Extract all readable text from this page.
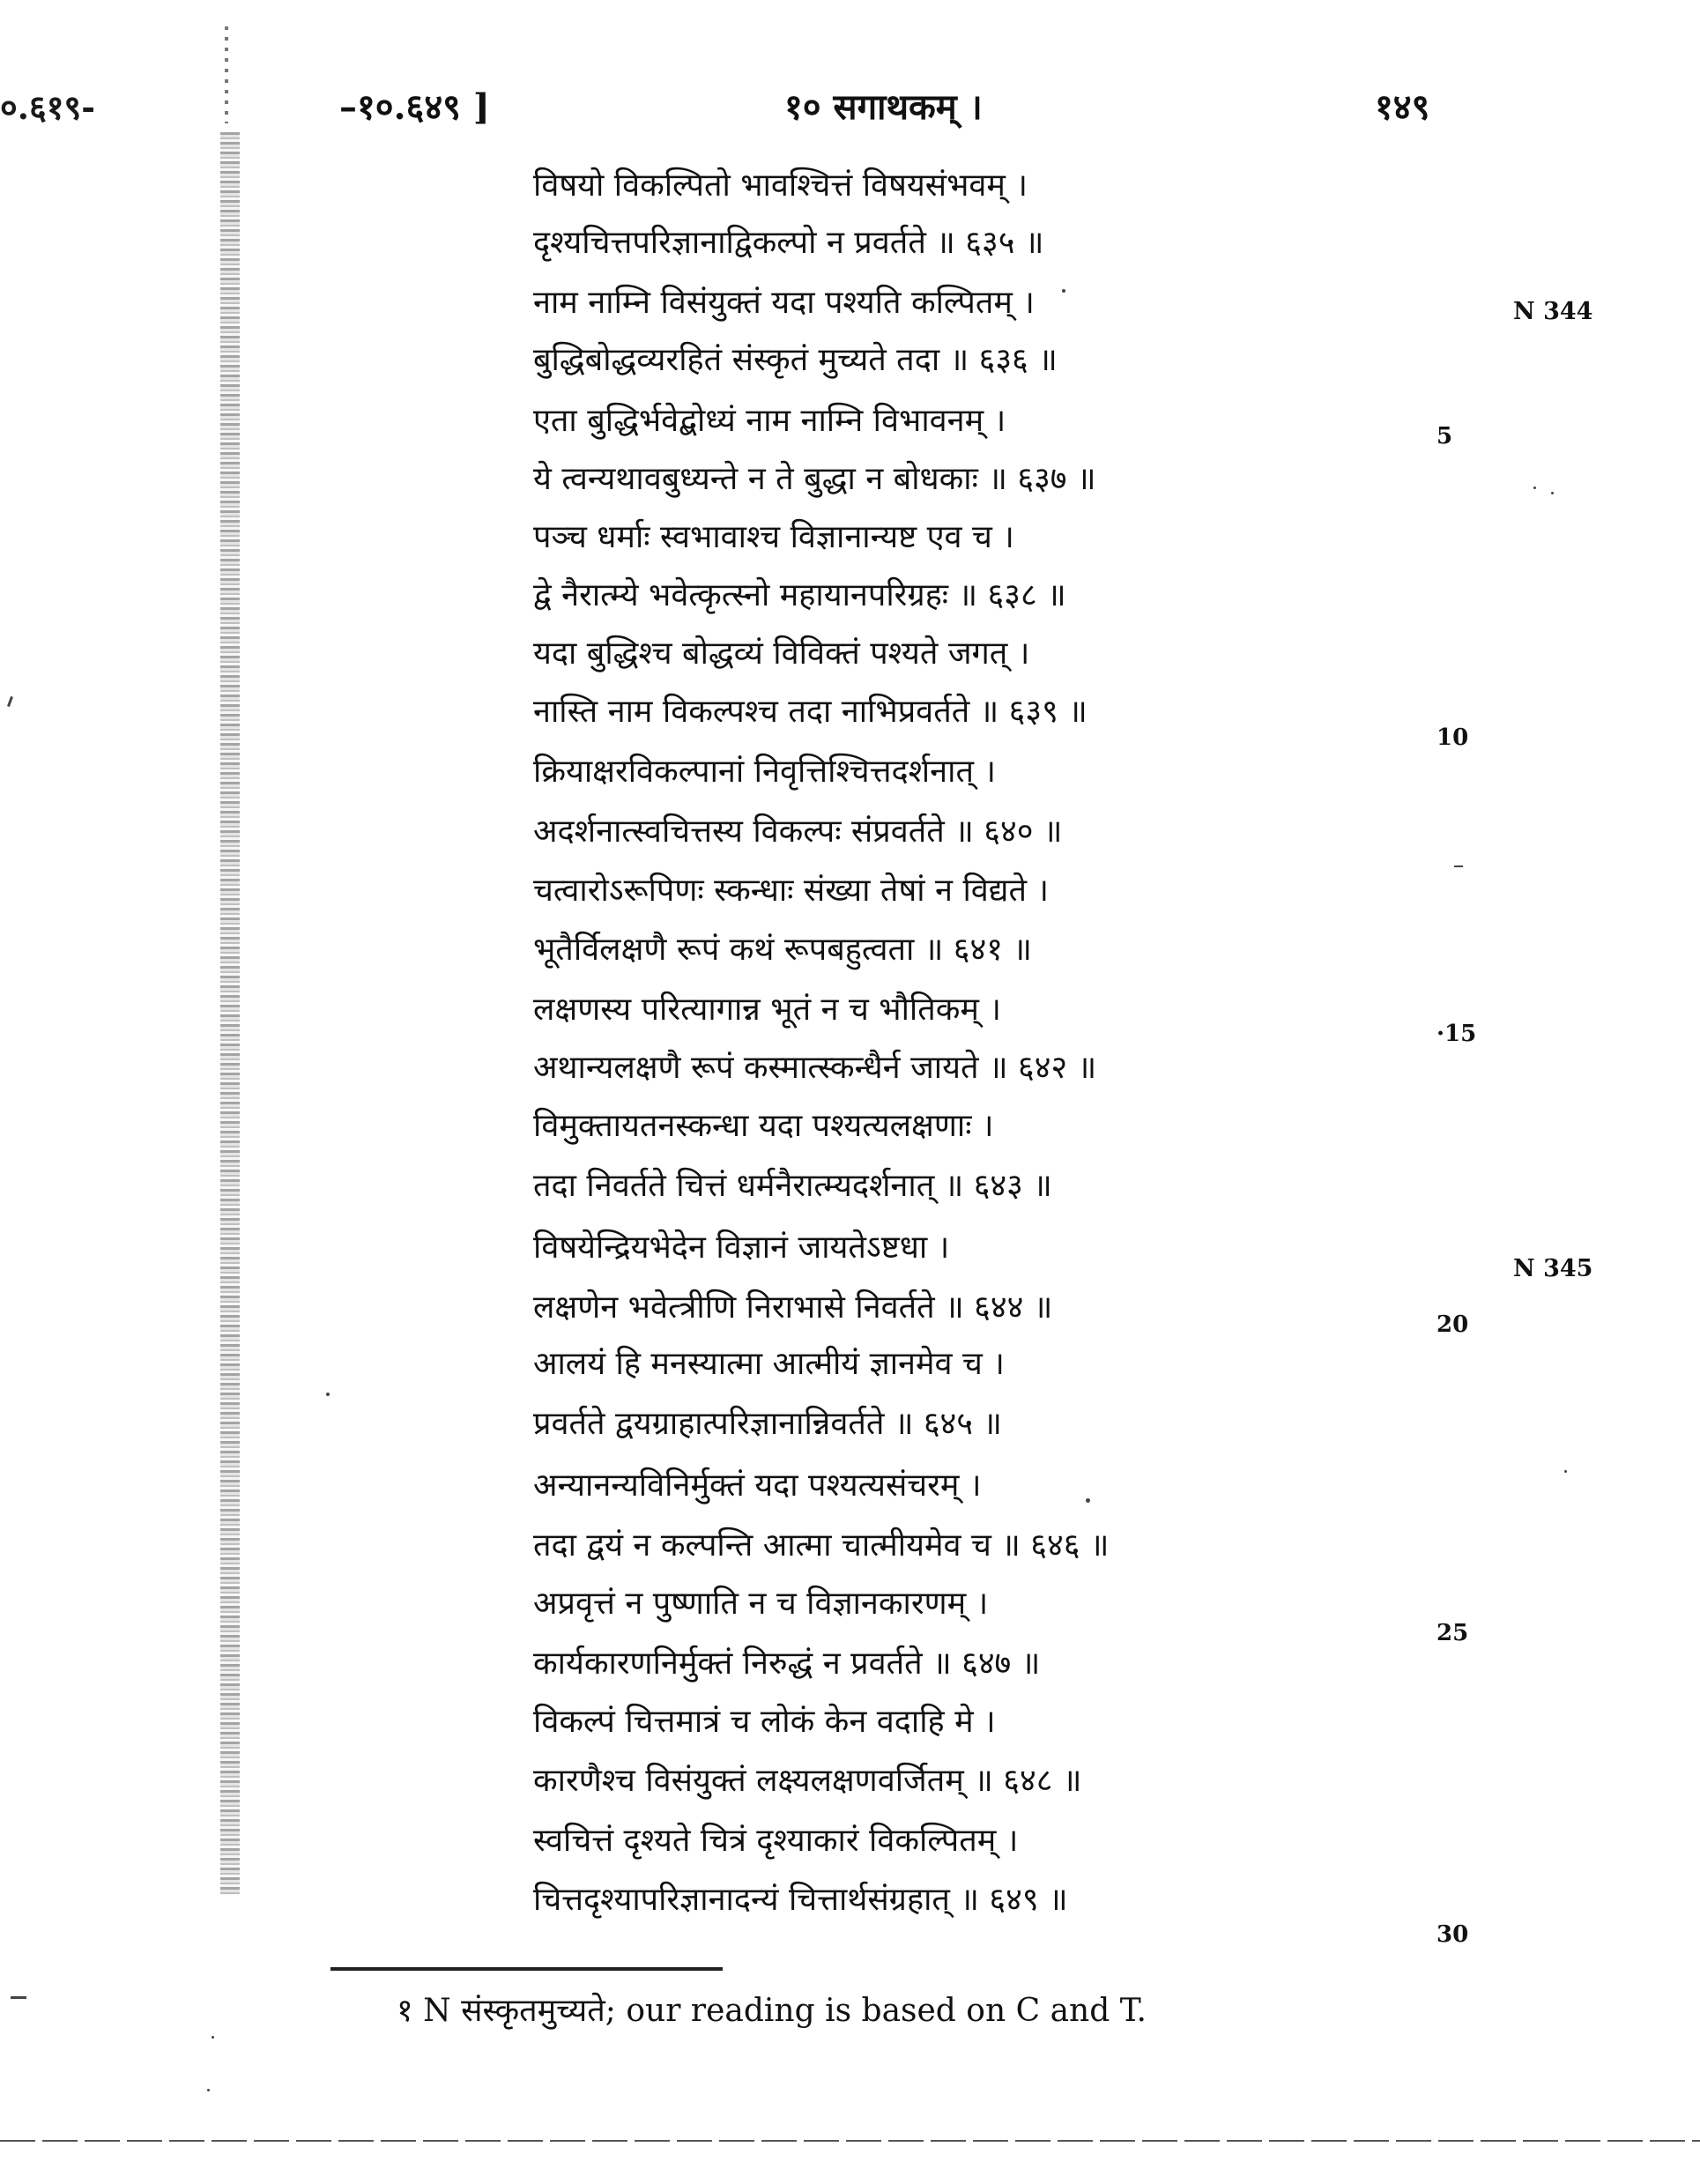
०.६१९-	–१०.६४९ ]	१० सगाथकम् ।	१४९
विषयो विकल्पितो भावश्चित्तं विषयसंभवम् ।
दृश्यचित्तपरिज्ञानाद्विकल्पो न प्रवर्तते ॥ ६३५ ॥
नाम नाम्नि विसंयुक्तं यदा पश्यति कल्पितम् ।
बुद्धिबोद्धव्यरहितं संस्कृतं मुच्यते तदा ॥ ६३६ ॥
एता बुद्धिर्भवेद्बोध्यं नाम नाम्नि विभावनम् ।
ये त्वन्यथावबुध्यन्ते न ते बुद्धा न बोधकाः ॥ ६३७ ॥
पञ्च धर्माः स्वभावाश्च विज्ञानान्यष्ट एव च ।
द्वे नैरात्म्ये भवेत्कृत्स्नो महायानपरिग्रहः ॥ ६३८ ॥
यदा बुद्धिश्च बोद्धव्यं विविक्तं पश्यते जगत् ।
नास्ति नाम विकल्पश्च तदा नाभिप्रवर्तते ॥ ६३९ ॥
क्रियाक्षरविकल्पानां निवृत्तिश्चित्तदर्शनात् ।
अदर्शनात्स्वचित्तस्य विकल्पः संप्रवर्तते ॥ ६४० ॥
चत्वारोऽरूपिणः स्कन्धाः संख्या तेषां न विद्यते ।
भूतैर्विलक्षणै रूपं कथं रूपबहुत्वता ॥ ६४१ ॥
लक्षणस्य परित्यागान्न भूतं न च भौतिकम् ।
अथान्यलक्षणै रूपं कस्मात्स्कन्धैर्न जायते ॥ ६४२ ॥
विमुक्तायतनस्कन्धा यदा पश्यत्यलक्षणाः ।
तदा निवर्तते चित्तं धर्मनैरात्म्यदर्शनात् ॥ ६४३ ॥
विषयेन्द्रियभेदेन विज्ञानं जायतेऽष्टधा ।
लक्षणेन भवेत्त्रीणि निराभासे निवर्तते ॥ ६४४ ॥
आलयं हि मनस्यात्मा आत्मीयं ज्ञानमेव च ।
प्रवर्तते द्वयग्राहात्परिज्ञानान्निवर्तते ॥ ६४५ ॥
अन्यानन्यविनिर्मुक्तं यदा पश्यत्यसंचरम् ।
तदा द्वयं न कल्पन्ति आत्मा चात्मीयमेव च ॥ ६४६ ॥
अप्रवृत्तं न पुष्णाति न च विज्ञानकारणम् ।
कार्यकारणनिर्मुक्तं निरुद्धं न प्रवर्तते ॥ ६४७ ॥
विकल्पं चित्तमात्रं च लोकं केन वदाहि मे ।
कारणैश्च विसंयुक्तं लक्ष्यलक्षणवर्जितम् ॥ ६४८ ॥
स्वचित्तं दृश्यते चित्रं दृश्याकारं विकल्पितम् ।
चित्तदृश्यापरिज्ञानादन्यं चित्तार्थसंग्रहात् ॥ ६४९ ॥
5
10
·15
20
25
30
N 344
N 345
१ N संस्कृतमुच्यते; our reading is based on C and T.
